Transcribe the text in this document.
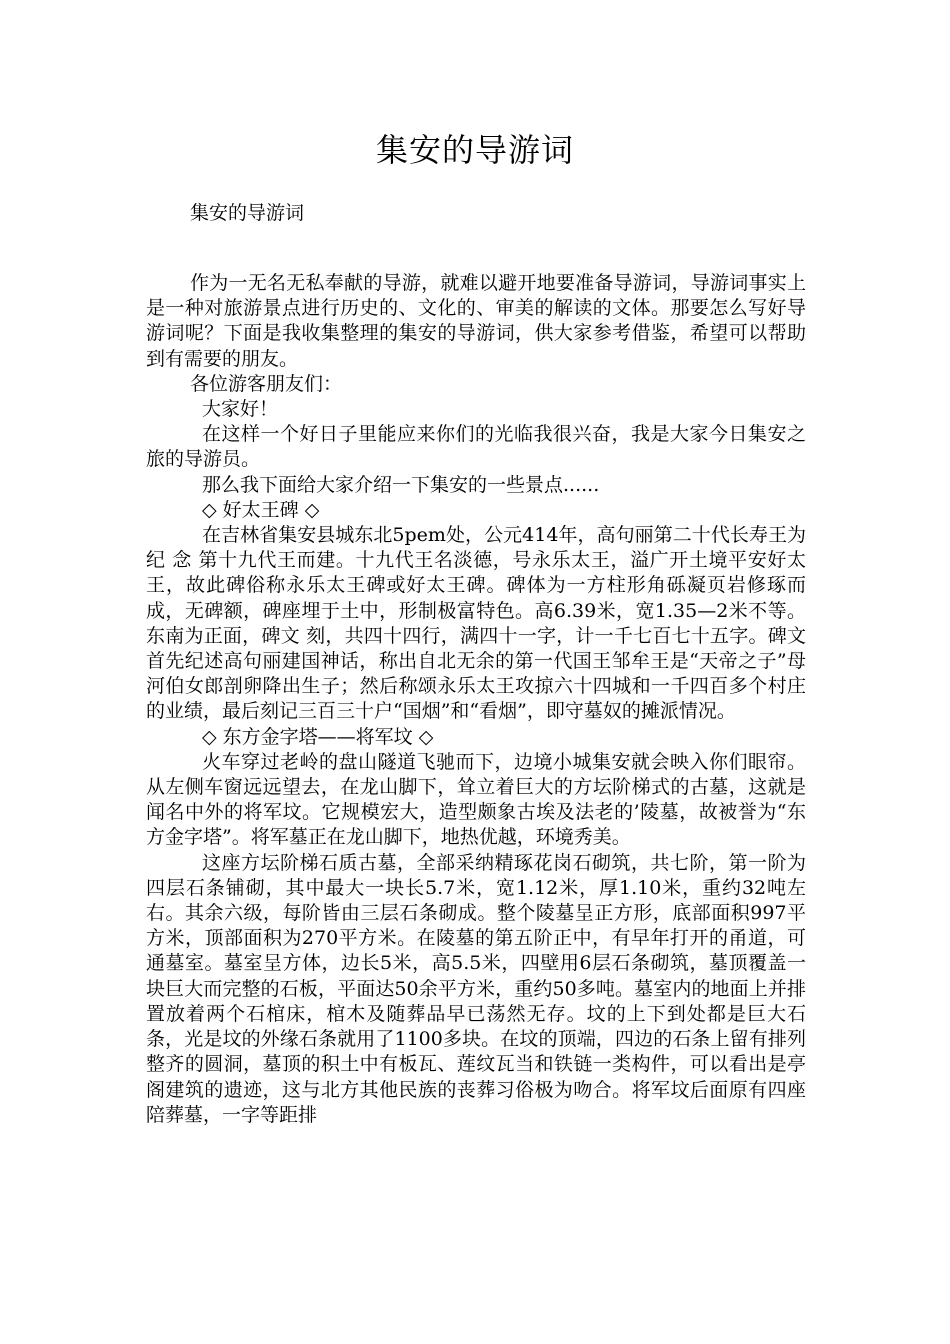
集安的导游词
集安的导游词

作为一无名无私奉献的导游，就难以避开地要准备导游词，导游词事实上是一种对旅游景点进行历史的、文化的、审美的解读的文体。那要怎么写好导游词呢？下面是我收集整理的集安的导游词，供大家参考借鉴，希望可以帮助到有需要的朋友。

各位游客朋友们：

大家好！

在这样一个好日子里能应来你们的光临我很兴奋，我是大家今日集安之旅的导游员。

那么我下面给大家介绍一下集安的一些景点......

◇ 好太王碑 ◇

在吉林省集安县城东北5pem处，公元414年，高句丽第二十代长寿王为纪 念 第十九代王而建。十九代王名淡德，号永乐太王，溢广开土境平安好太王，故此碑俗称永乐太王碑或好太王碑。碑体为一方柱形角砾凝页岩修琢而成，无碑额，碑座埋于土中，形制极富特色。高6.39米，宽1.35—2米不等。东南为正面，碑文 刻，共四十四行，满四十一字，计一千七百七十五字。碑文首先纪述高句丽建国神话，称出自北无余的第一代国王邹牟王是“天帝之子”母河伯女郎剖卵降出生子；然后称颂永乐太王攻掠六十四城和一千四百多个村庄的业绩，最后刻记三百三十户“国烟”和“看烟”，即守墓奴的摊派情况。

◇ 东方金字塔——将军坟 ◇

火车穿过老岭的盘山隧道飞驰而下，边境小城集安就会映入你们眼帘。从左侧车窗远远望去，在龙山脚下，耸立着巨大的方坛阶梯式的古墓，这就是闻名中外的将军坟。它规模宏大，造型颇象古埃及法老的’陵墓，故被誉为“东方金字塔”。将军墓正在龙山脚下，地热优越，环境秀美。

这座方坛阶梯石质古墓，全部采纳精琢花岗石砌筑，共七阶，第一阶为四层石条铺砌，其中最大一块长5.7米，宽1.12米，厚1.10米，重约32吨左右。其余六级，每阶皆由三层石条砌成。整个陵墓呈正方形，底部面积997平方米，顶部面积为270平方米。在陵墓的第五阶正中，有早年打开的甬道，可通墓室。墓室呈方体，边长5米，高5.5米，四壁用6层石条砌筑，墓顶覆盖一块巨大而完整的石板，平面达50余平方米，重约50多吨。墓室内的地面上并排置放着两个石棺床，棺木及随葬品早已荡然无存。坟的上下到处都是巨大石条，光是坟的外缘石条就用了1100多块。在坟的顶端，四边的石条上留有排列整齐的圆洞，墓顶的积土中有板瓦、莲纹瓦当和铁链一类构件，可以看出是亭阁建筑的遗迹，这与北方其他民族的丧葬习俗极为吻合。将军坟后面原有四座陪葬墓，一字等距排
